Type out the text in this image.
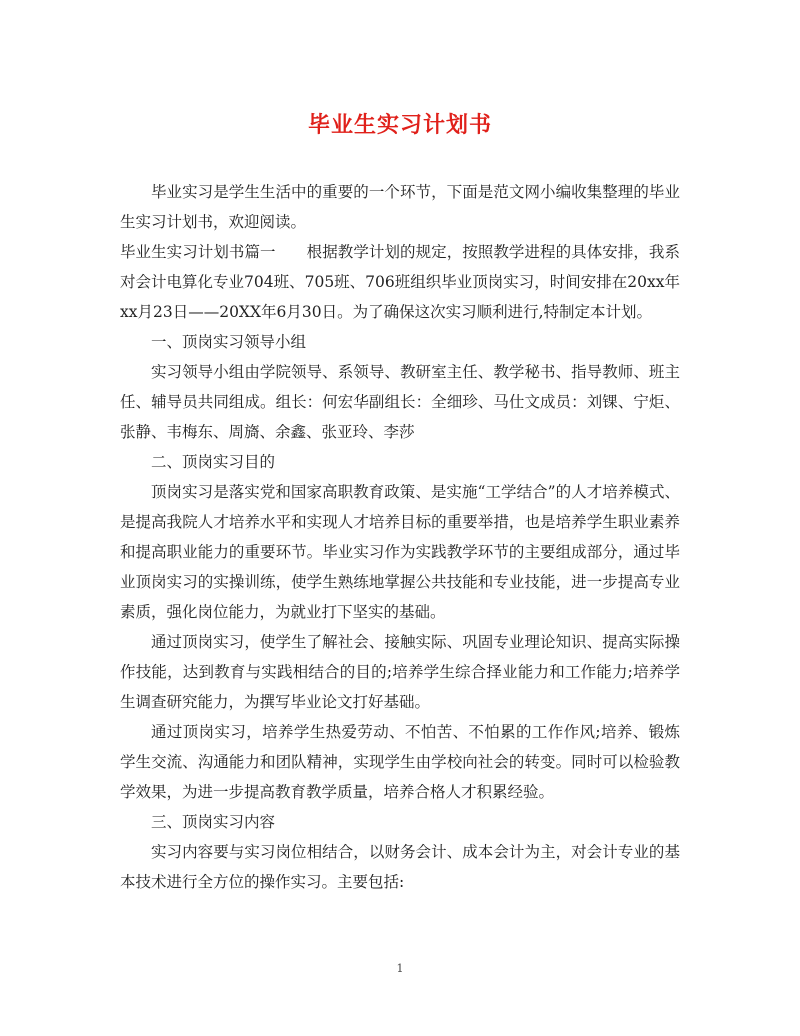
毕业生实习计划书

毕业实习是学生生活中的重要的一个环节，下面是范文网小编收集整理的毕业生实习计划书，欢迎阅读。

毕业生实习计划书篇一　　根据教学计划的规定，按照教学进程的具体安排，我系对会计电算化专业704班、705班、706班组织毕业顶岗实习，时间安排在20xx年xx月23日——20XX年6月30日。为了确保这次实习顺利进行,特制定本计划。

一、顶岗实习领导小组

实习领导小组由学院领导、系领导、教研室主任、教学秘书、指导教师、班主任、辅导员共同组成。组长：何宏华副组长：全细珍、马仕文成员：刘锞、宁炬、张静、韦梅东、周旖、余鑫、张亚玲、李莎

二、顶岗实习目的

顶岗实习是落实党和国家高职教育政策、是实施“工学结合”的人才培养模式、是提高我院人才培养水平和实现人才培养目标的重要举措，也是培养学生职业素养和提高职业能力的重要环节。毕业实习作为实践教学环节的主要组成部分，通过毕业顶岗实习的实操训练，使学生熟练地掌握公共技能和专业技能，进一步提高专业素质，强化岗位能力，为就业打下坚实的基础。

通过顶岗实习，使学生了解社会、接触实际、巩固专业理论知识、提高实际操作技能，达到教育与实践相结合的目的;培养学生综合择业能力和工作能力;培养学生调查研究能力，为撰写毕业论文打好基础。

通过顶岗实习，培养学生热爱劳动、不怕苦、不怕累的工作作风;培养、锻炼学生交流、沟通能力和团队精神，实现学生由学校向社会的转变。同时可以检验教学效果，为进一步提高教育教学质量，培养合格人才积累经验。

三、顶岗实习内容

实习内容要与实习岗位相结合，以财务会计、成本会计为主，对会计专业的基本技术进行全方位的操作实习。主要包括:

1
